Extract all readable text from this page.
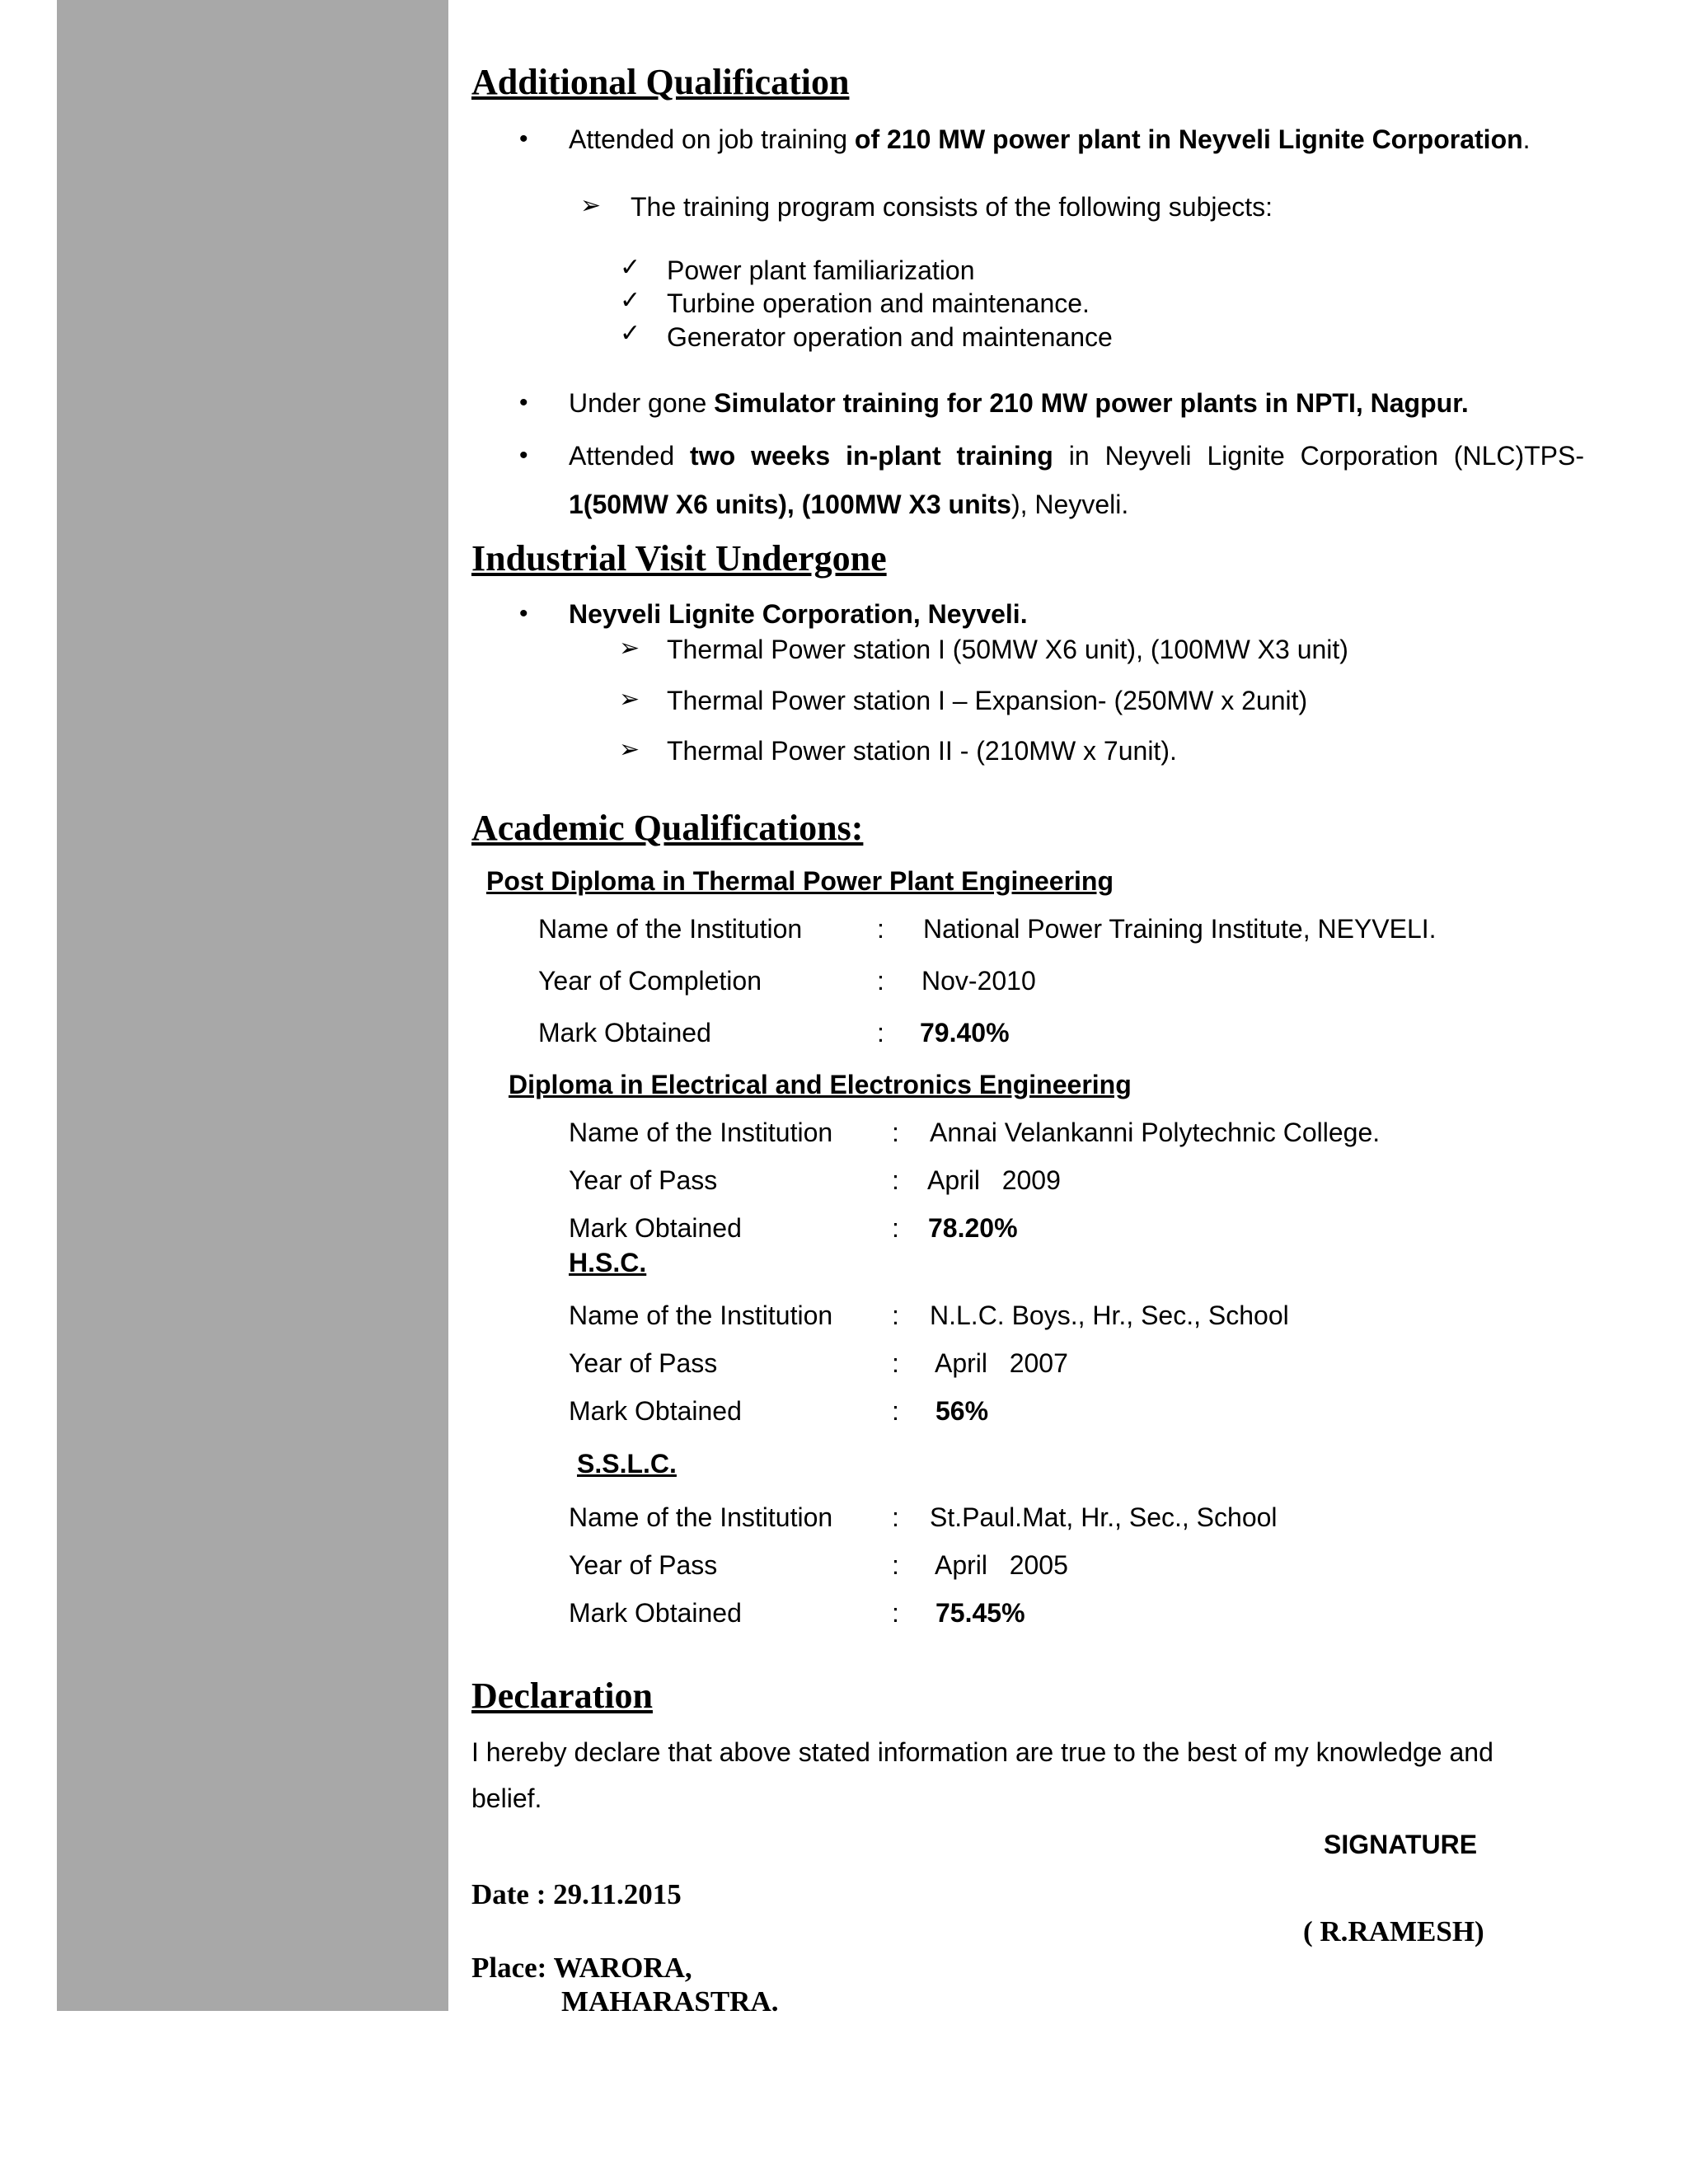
Additional Qualification
• Attended on job training of 210 MW power plant in Neyveli Lignite Corporation.
➢ The training program consists of the following subjects:
✓ Power plant familiarization
✓ Turbine operation and maintenance.
✓ Generator operation and maintenance
• Under gone Simulator training for 210 MW power plants in NPTI, Nagpur.
• Attended two weeks in-plant training in Neyveli Lignite Corporation (NLC)TPS-
1(50MW X6 units), (100MW X3 units), Neyveli.
Industrial Visit Undergone
• Neyveli Lignite Corporation, Neyveli.
➢ Thermal Power station I (50MW X6 unit), (100MW X3 unit)
➢ Thermal Power station I – Expansion- (250MW x 2unit)
➢ Thermal Power station II - (210MW x 7unit).
Academic Qualifications:
Post Diploma in Thermal Power Plant Engineering
Name of the Institution	: National Power Training Institute, NEYVELI.
Year of Completion	: Nov-2010
Mark Obtained	: 79.40%
Diploma in Electrical and Electronics Engineering
Name of the Institution : Annai Velankanni Polytechnic College.
Year of Pass	: April   2009
Mark Obtained	: 78.20%
H.S.C.
Name of the Institution : N.L.C. Boys., Hr., Sec., School
Year of Pass	: April   2007
Mark Obtained	: 56%
S.S.L.C.
Name of the Institution : St.Paul.Mat, Hr., Sec., School
Year of Pass	: April   2005
Mark Obtained	: 75.45%
Declaration
I hereby declare that above stated information are true to the best of my knowledge and
belief.
SIGNATURE
Date : 29.11.2015
( R.RAMESH)
Place: WARORA,
MAHARASTRA.
